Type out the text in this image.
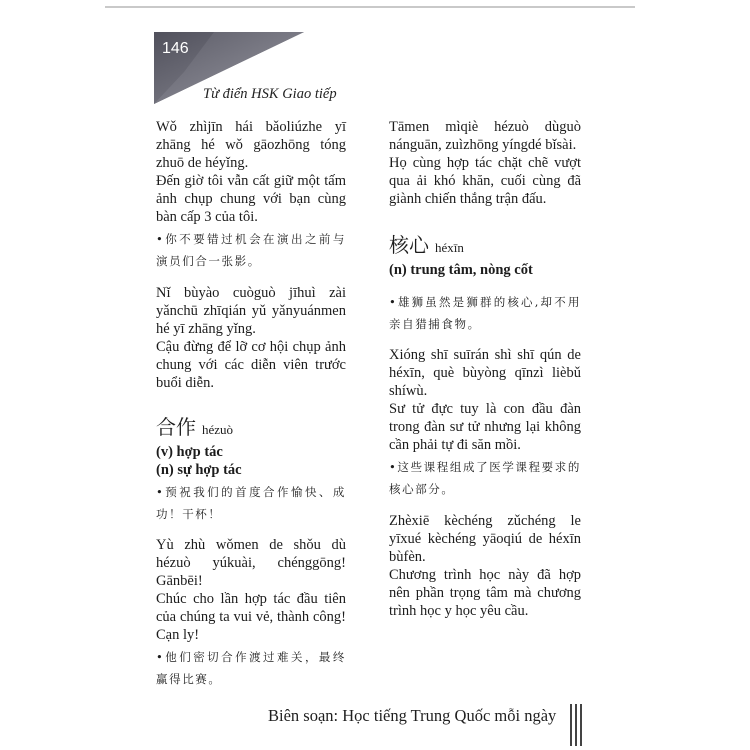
146
Từ điển HSK Giao tiếp

Wǒ zhìjīn hái bǎoliúzhe yī zhāng hé wǒ gāozhōng tóng zhuō de héyǐng.

Đến giờ tôi vẫn cất giữ một tấm ảnh chụp chung với bạn cùng bàn cấp 3 của tôi.

•你不要错过机会在演出之前与演员们合一张影。

Nǐ bùyào cuòguò jīhuì zài yǎnchū zhīqián yǔ yǎnyuánmen hé yī zhāng yǐng.

Cậu đừng để lỡ cơ hội chụp ảnh chung với các diễn viên trước buổi diễn.

合作 hézuò

(v) hợp tác

(n) sự hợp tác

•预祝我们的首度合作愉快、成功！干杯！

Yù zhù wǒmen de shǒu dù hézuò yúkuài, chénggōng! Gānbēi!

Chúc cho lần hợp tác đầu tiên của chúng ta vui vẻ, thành công! Cạn ly!

•他们密切合作渡过难关，最终赢得比赛。

Tāmen mìqiè hézuò dùguò nánguān, zuìzhōng yíngdé bǐsài.

Họ cùng hợp tác chặt chẽ vượt qua ải khó khăn, cuối cùng đã giành chiến thắng trận đấu.

核心 héxīn

(n) trung tâm, nòng cốt

•雄狮虽然是狮群的核心,却不用亲自猎捕食物。

Xióng shī suīrán shì shī qún de héxīn, què bùyòng qīnzì lièbǔ shíwù.

Sư tử đực tuy là con đầu đàn trong đàn sư tử nhưng lại không cần phải tự đi săn mồi.

•这些课程组成了医学课程要求的核心部分。

Zhèxiē kèchéng zǔchéng le yīxué kèchéng yāoqiú de héxīn bùfèn.

Chương trình học này đã hợp nên phần trọng tâm mà chương trình học y học yêu cầu.

Biên soạn: Học tiếng Trung Quốc mỗi ngày
